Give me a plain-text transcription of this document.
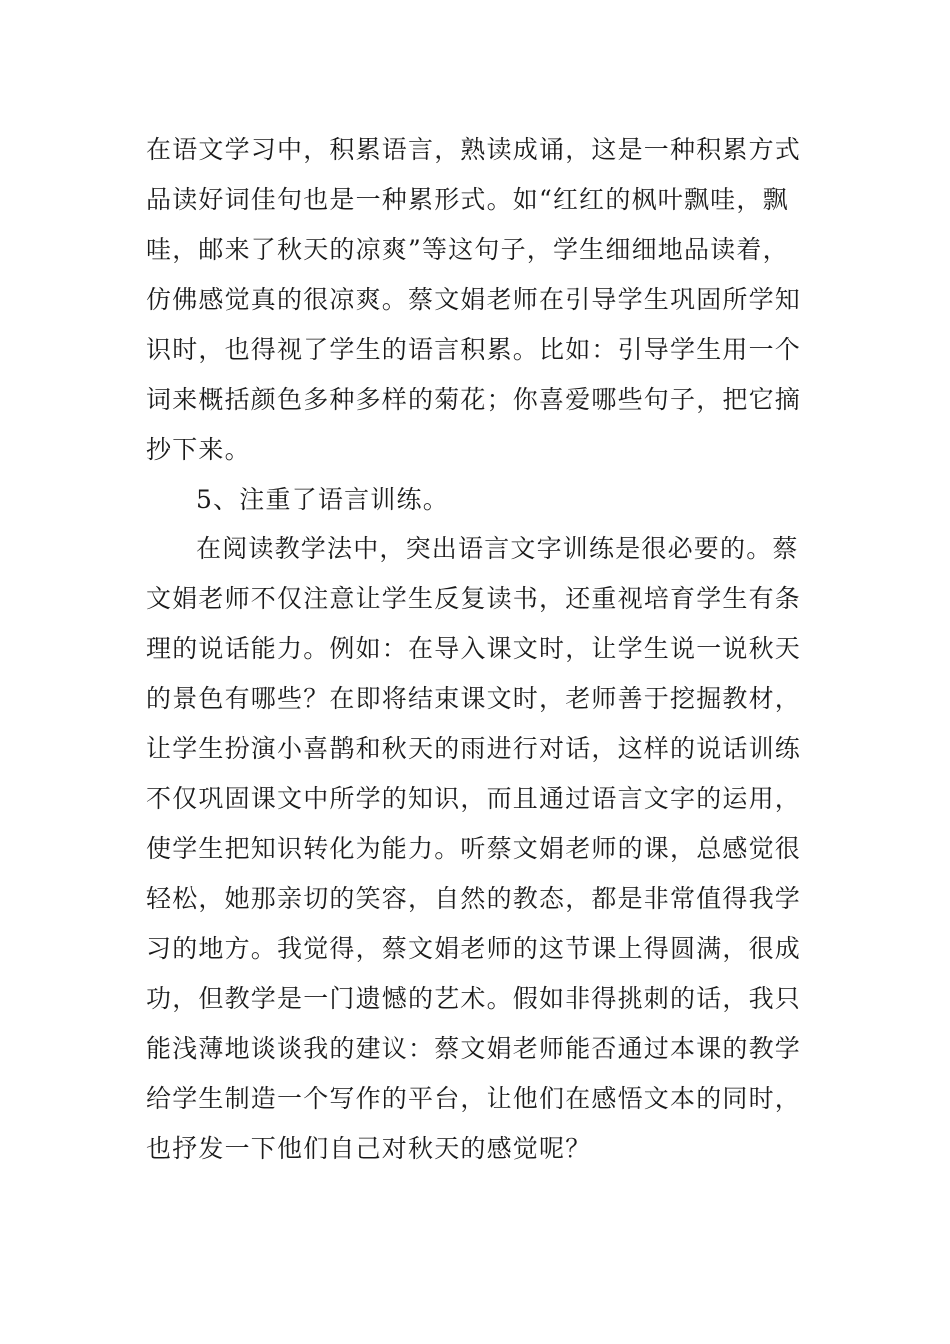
在语文学习中，积累语言，熟读成诵，这是一种积累方式
品读好词佳句也是一种累形式。如“红红的枫叶飘哇，飘
哇，邮来了秋天的凉爽”等这句子，学生细细地品读着，
仿佛感觉真的很凉爽。蔡文娟老师在引导学生巩固所学知
识时，也得视了学生的语言积累。比如：引导学生用一个
词来概括颜色多种多样的菊花；你喜爱哪些句子，把它摘
抄下来。
5、注重了语言训练。
在阅读教学法中，突出语言文字训练是很必要的。蔡
文娟老师不仅注意让学生反复读书，还重视培育学生有条
理的说话能力。例如：在导入课文时，让学生说一说秋天
的景色有哪些？在即将结束课文时，老师善于挖掘教材，
让学生扮演小喜鹊和秋天的雨进行对话，这样的说话训练
不仅巩固课文中所学的知识，而且通过语言文字的运用，
使学生把知识转化为能力。听蔡文娟老师的课，总感觉很
轻松，她那亲切的笑容，自然的教态，都是非常值得我学
习的地方。我觉得，蔡文娟老师的这节课上得圆满，很成
功，但教学是一门遗憾的艺术。假如非得挑刺的话，我只
能浅薄地谈谈我的建议：蔡文娟老师能否通过本课的教学
给学生制造一个写作的平台，让他们在感悟文本的同时，
也抒发一下他们自己对秋天的感觉呢？
